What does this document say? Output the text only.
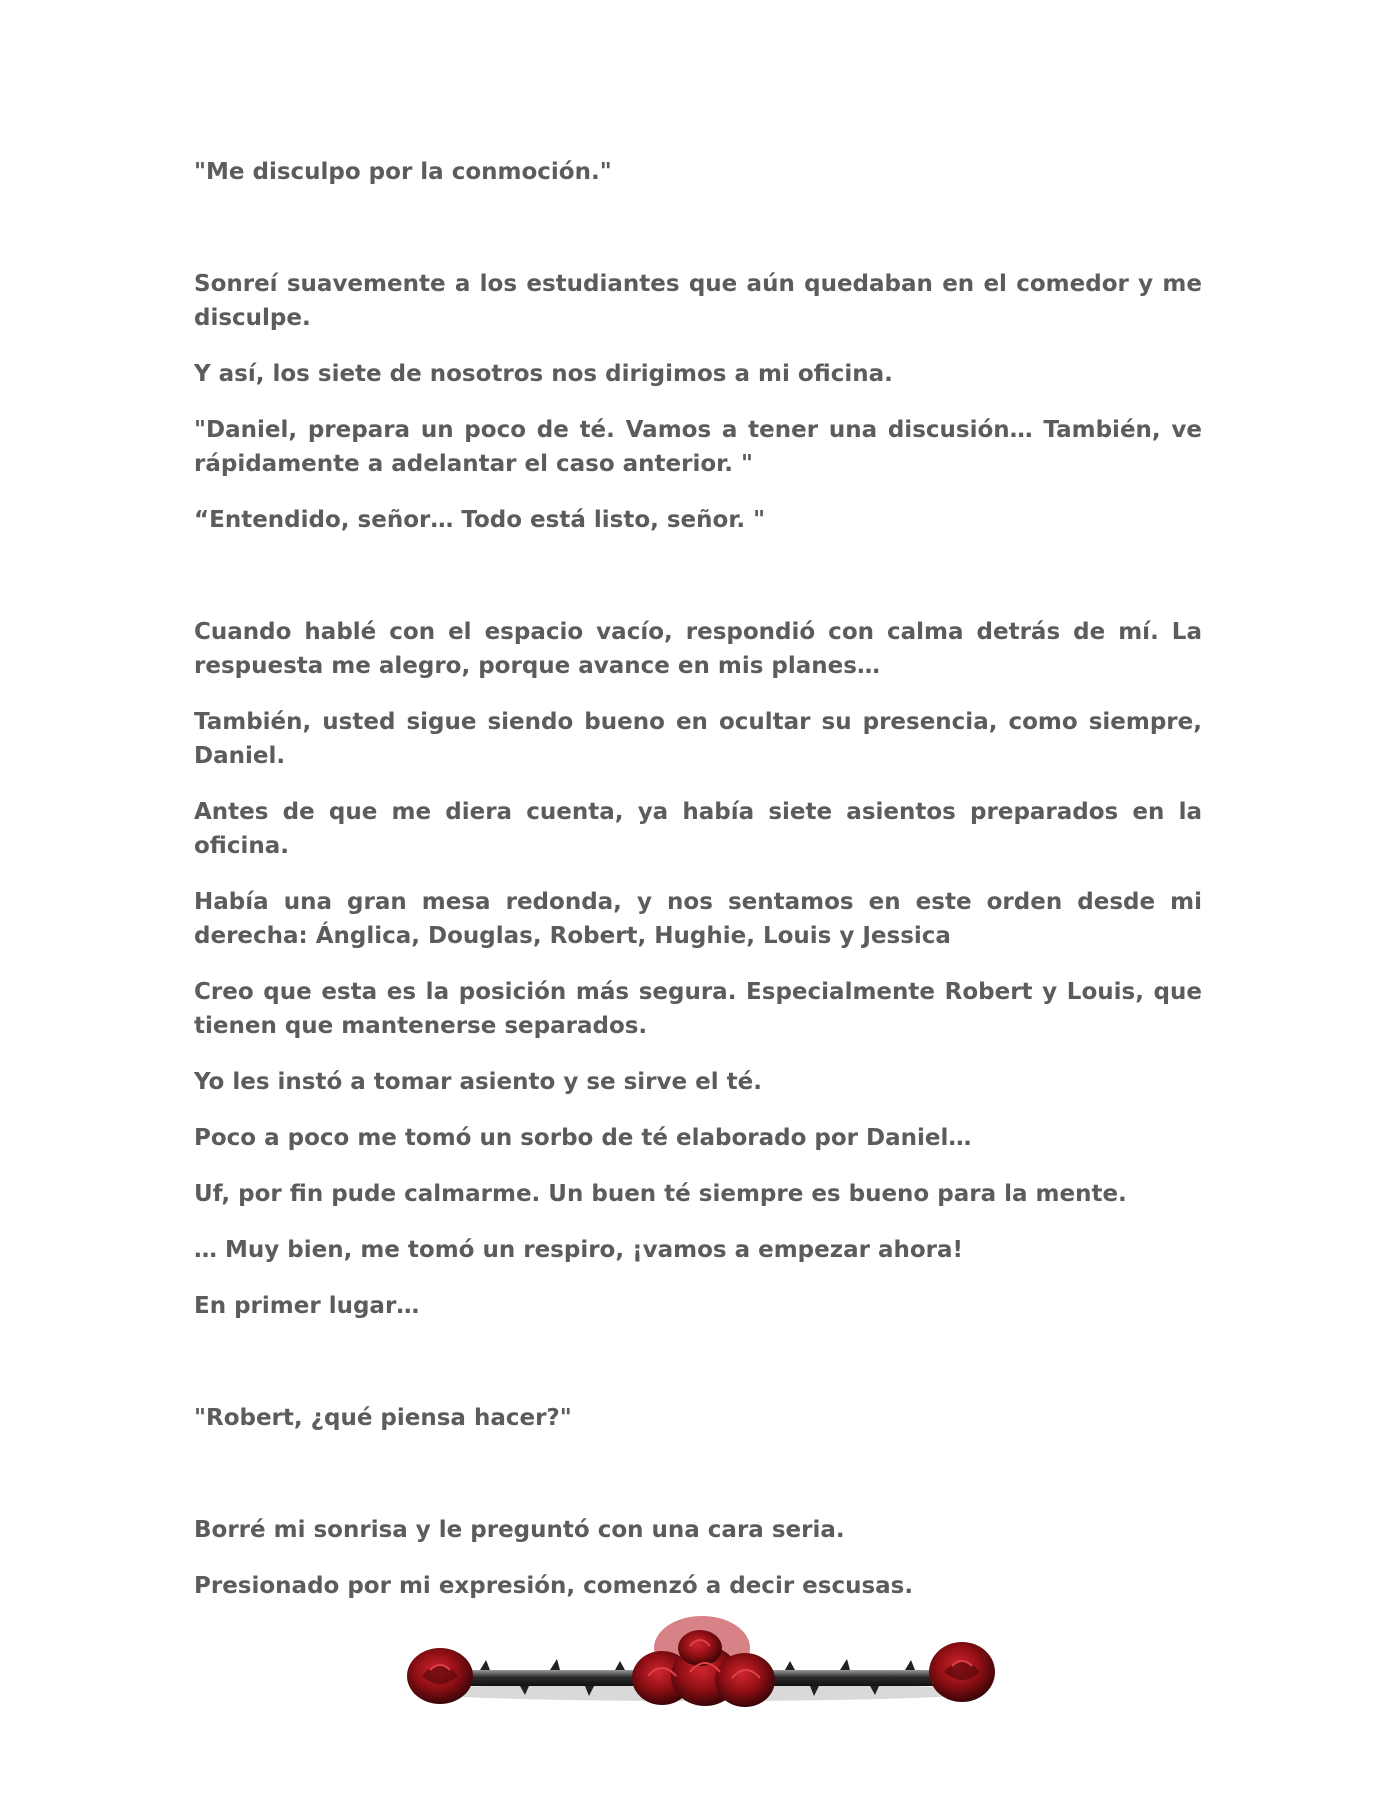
"Me disculpo por la conmoción."

Sonreí suavemente a los estudiantes que aún quedaban en el comedor y me disculpe.

Y así, los siete de nosotros nos dirigimos a mi oficina.

"Daniel, prepara un poco de té. Vamos a tener una discusión… También, ve rápidamente a adelantar el caso anterior. "

“Entendido, señor… Todo está listo, señor. "

Cuando hablé con el espacio vacío, respondió con calma detrás de mí. La respuesta me alegro, porque avance en mis planes…

También, usted sigue siendo bueno en ocultar su presencia, como siempre, Daniel.

Antes de que me diera cuenta, ya había siete asientos preparados en la oficina.

Había una gran mesa redonda, y nos sentamos en este orden desde mi derecha: Ánglica, Douglas, Robert, Hughie, Louis y Jessica

Creo que esta es la posición más segura. Especialmente Robert y Louis, que tienen que mantenerse separados.

Yo les instó a tomar asiento y se sirve el té.

Poco a poco me tomó un sorbo de té elaborado por Daniel…

Uf, por fin pude calmarme. Un buen té siempre es bueno para la mente.

… Muy bien, me tomó un respiro, ¡vamos a empezar ahora!

En primer lugar…

"Robert, ¿qué piensa hacer?"

Borré mi sonrisa y le preguntó con una cara seria.

Presionado por mi expresión, comenzó a decir escusas.
